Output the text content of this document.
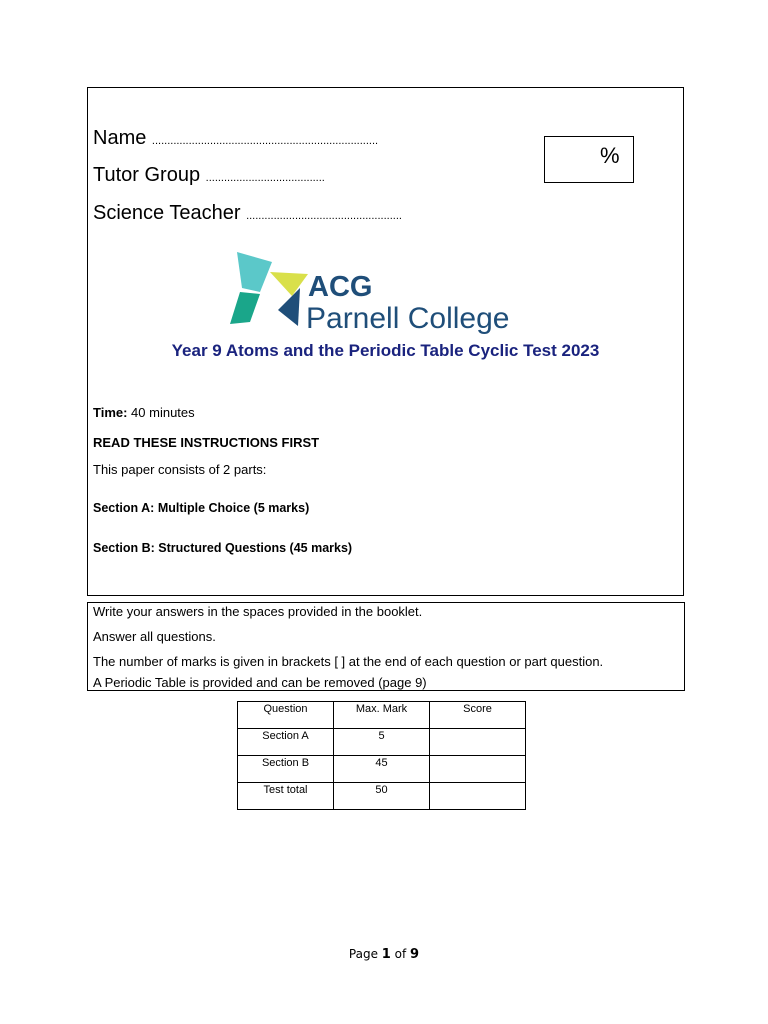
Name ..........................................................................
Tutor Group .......................................
Science Teacher ...................................................
%
ACG
Parnell College
Year 9 Atoms and the Periodic Table Cyclic Test 2023
Time: 40 minutes
READ THESE INSTRUCTIONS FIRST
This paper consists of 2 parts:
Section A: Multiple Choice (5 marks)
Section B: Structured Questions (45 marks)
Write your answers in the spaces provided in the booklet.
Answer all questions.
The number of marks is given in brackets [ ] at the end of each question or part question.
A Periodic Table is provided and can be removed (page 9)
Question	Max. Mark	Score
Section A	5	
Section B	45	
Test total	50	
Page 1 of 9
